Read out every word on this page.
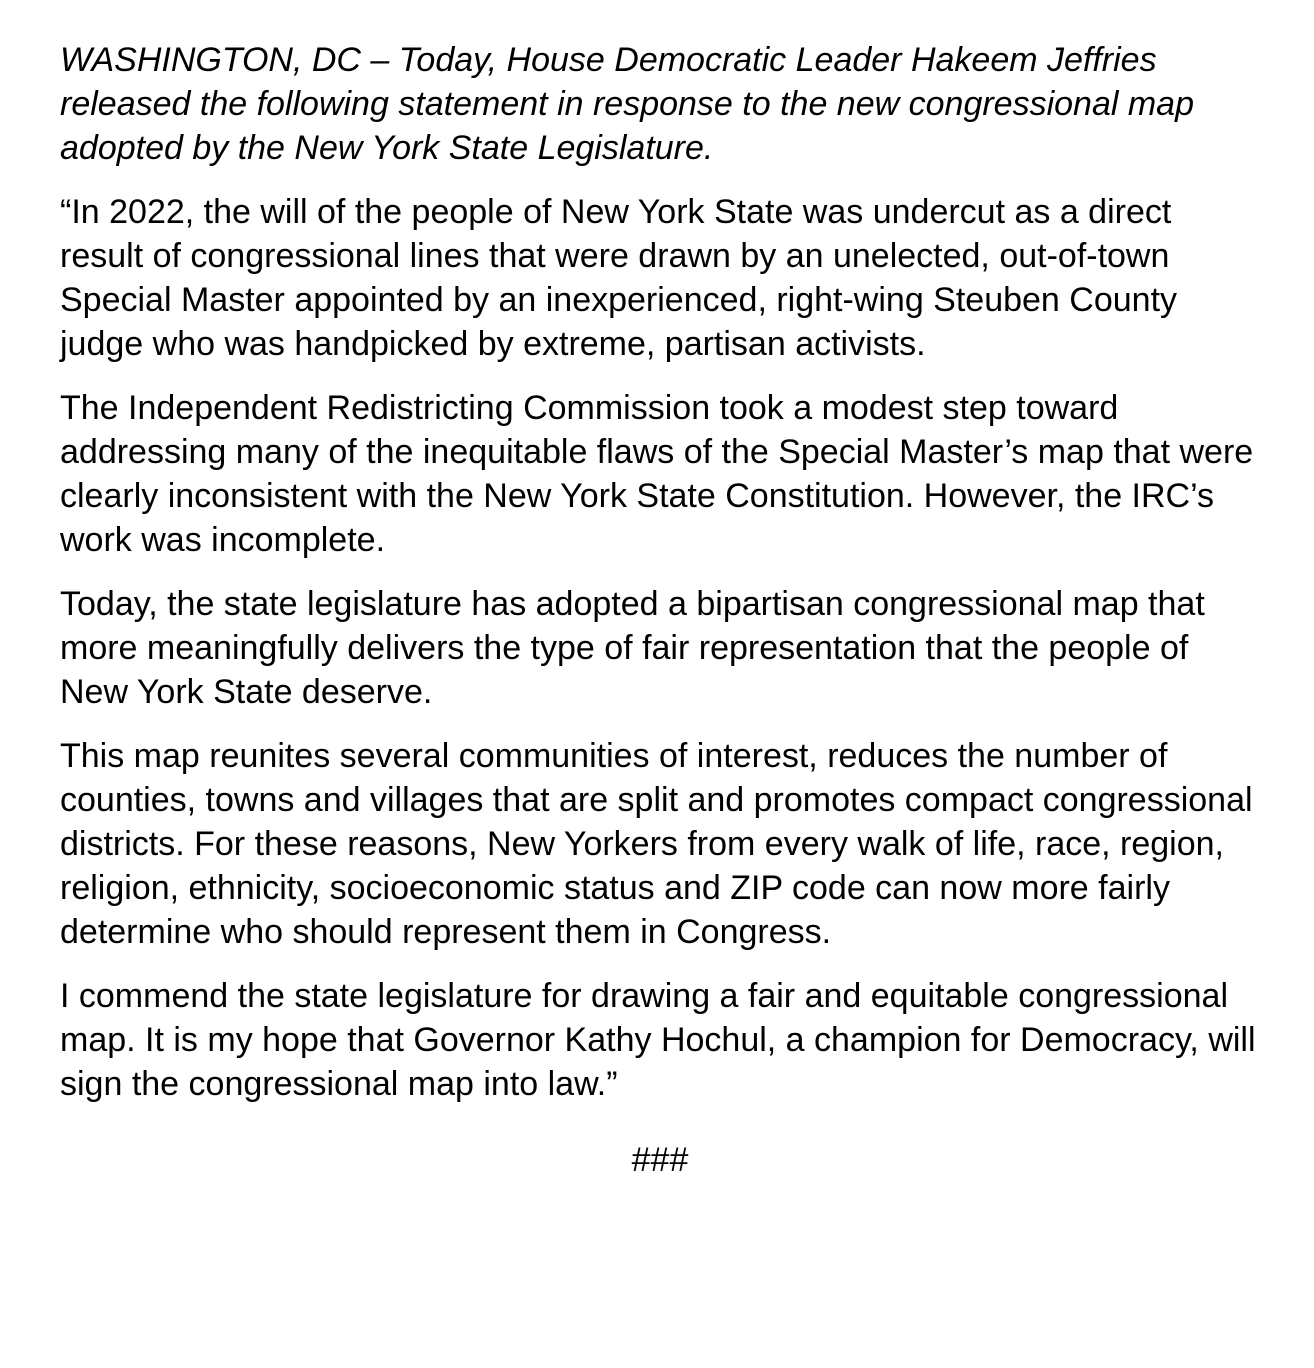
WASHINGTON, DC – Today, House Democratic Leader Hakeem Jeffries released the following statement in response to the new congressional map adopted by the New York State Legislature.

“In 2022, the will of the people of New York State was undercut as a direct result of congressional lines that were drawn by an unelected, out-of-town Special Master appointed by an inexperienced, right-wing Steuben County judge who was handpicked by extreme, partisan activists.

The Independent Redistricting Commission took a modest step toward addressing many of the inequitable flaws of the Special Master’s map that were clearly inconsistent with the New York State Constitution. However, the IRC’s work was incomplete.

Today, the state legislature has adopted a bipartisan congressional map that more meaningfully delivers the type of fair representation that the people of New York State deserve.

This map reunites several communities of interest, reduces the number of counties, towns and villages that are split and promotes compact congressional districts. For these reasons, New Yorkers from every walk of life, race, region, religion, ethnicity, socioeconomic status and ZIP code can now more fairly determine who should represent them in Congress.

I commend the state legislature for drawing a fair and equitable congressional map. It is my hope that Governor Kathy Hochul, a champion for Democracy, will sign the congressional map into law.”

###
